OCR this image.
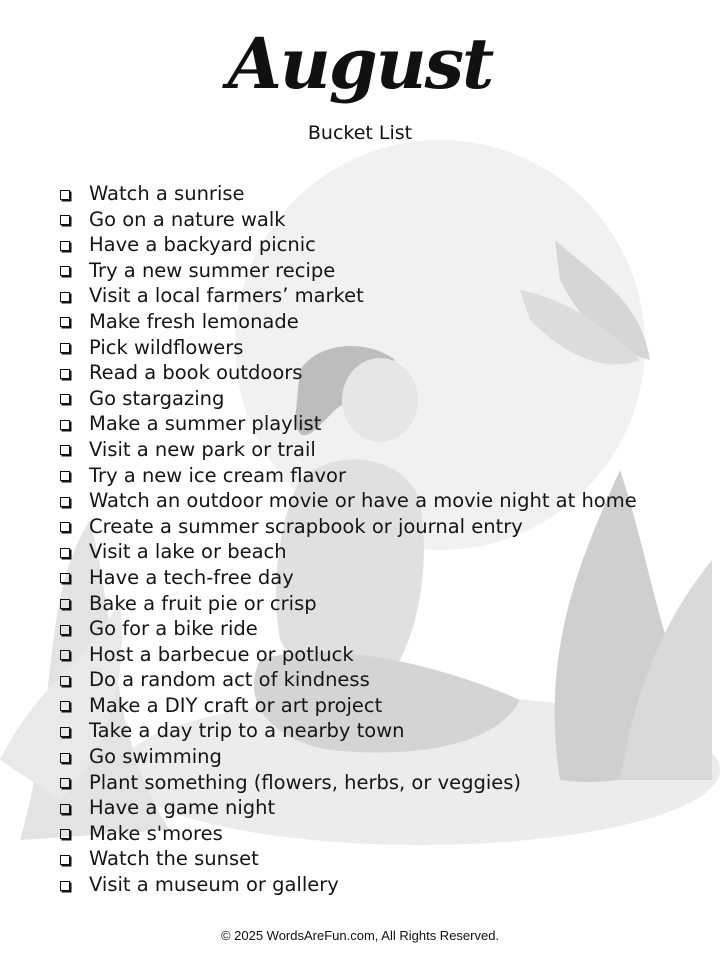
August
Bucket List
Watch a sunrise
Go on a nature walk
Have a backyard picnic
Try a new summer recipe
Visit a local farmers’ market
Make fresh lemonade
Pick wildflowers
Read a book outdoors
Go stargazing
Make a summer playlist
Visit a new park or trail
Try a new ice cream flavor
Watch an outdoor movie or have a movie night at home
Create a summer scrapbook or journal entry
Visit a lake or beach
Have a tech-free day
Bake a fruit pie or crisp
Go for a bike ride
Host a barbecue or potluck
Do a random act of kindness
Make a DIY craft or art project
Take a day trip to a nearby town
Go swimming
Plant something (flowers, herbs, or veggies)
Have a game night
Make s'mores
Watch the sunset
Visit a museum or gallery
© 2025 WordsAreFun.com, All Rights Reserved.
